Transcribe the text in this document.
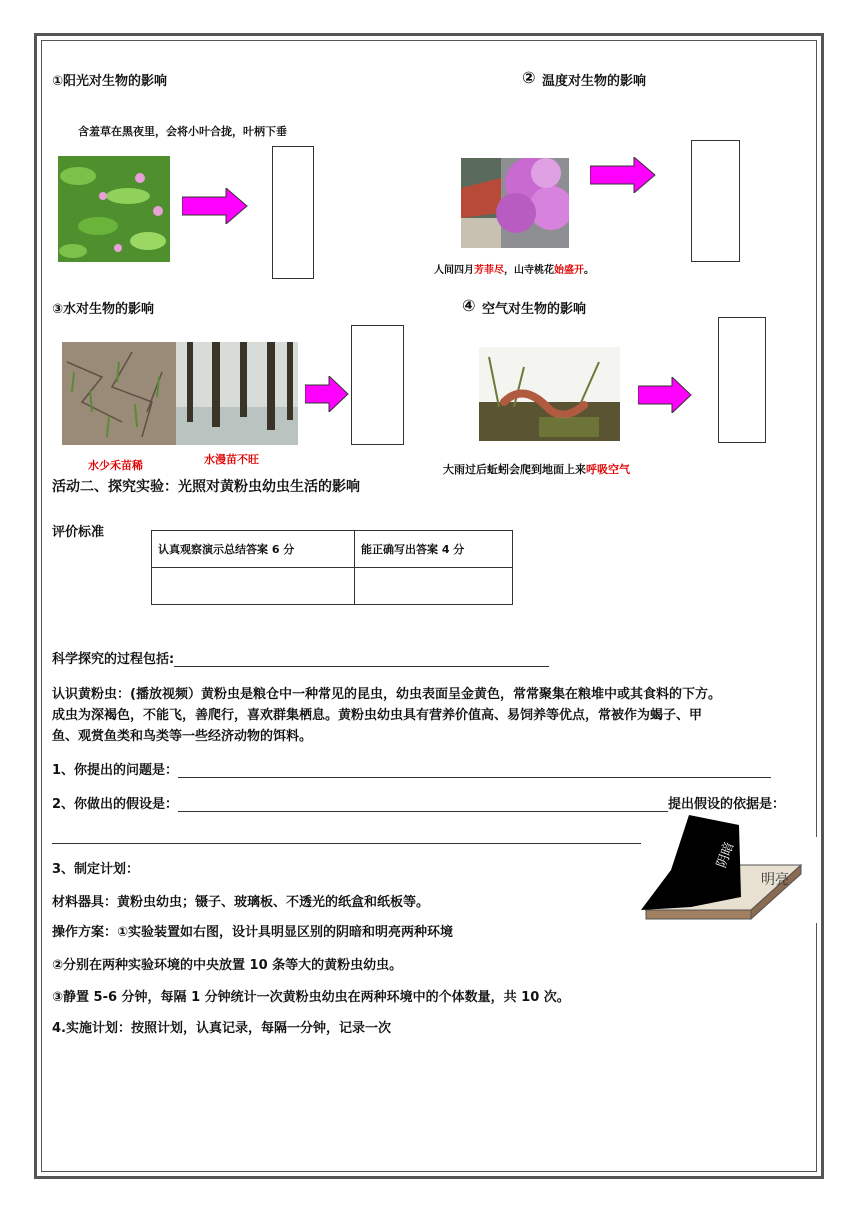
①阳光对生物的影响
含羞草在黑夜里，会将小叶合拢，叶柄下垂
② 温度对生物的影响
人间四月芳菲尽，山寺桃花始盛开。
③水对生物的影响
水少禾苗稀	水漫苗不旺
④ 空气对生物的影响
大雨过后蚯蚓会爬到地面上来呼吸空气
活动二、探究实验：光照对黄粉虫幼虫生活的影响
评价标准
认真观察演示总结答案 6 分	能正确写出答案 4 分

科学探究的过程包括:
认识黄粉虫：(播放视频）黄粉虫是粮仓中一种常见的昆虫，幼虫表面呈金黄色，常常聚集在粮堆中或其食料的下方。
成虫为深褐色，不能飞，善爬行，喜欢群集栖息。黄粉虫幼虫具有营养价值高、易饲养等优点，常被作为蝎子、甲
鱼、观赏鱼类和鸟类等一些经济动物的饵料。
1、你提出的问题是：
2、你做出的假设是：	提出假设的依据是：
3、制定计划：
材料器具：黄粉虫幼虫；镊子、玻璃板、不透光的纸盒和纸板等。
操作方案：①实验装置如右图，设计具明显区别的阴暗和明亮两种环境
②分别在两种实验环境的中央放置 10 条等大的黄粉虫幼虫。
③静置 5-6 分钟，每隔 1 分钟统计一次黄粉虫幼虫在两种环境中的个体数量，共 10 次。
4.实施计划：按照计划，认真记录，每隔一分钟，记录一次
阴暗
明亮
